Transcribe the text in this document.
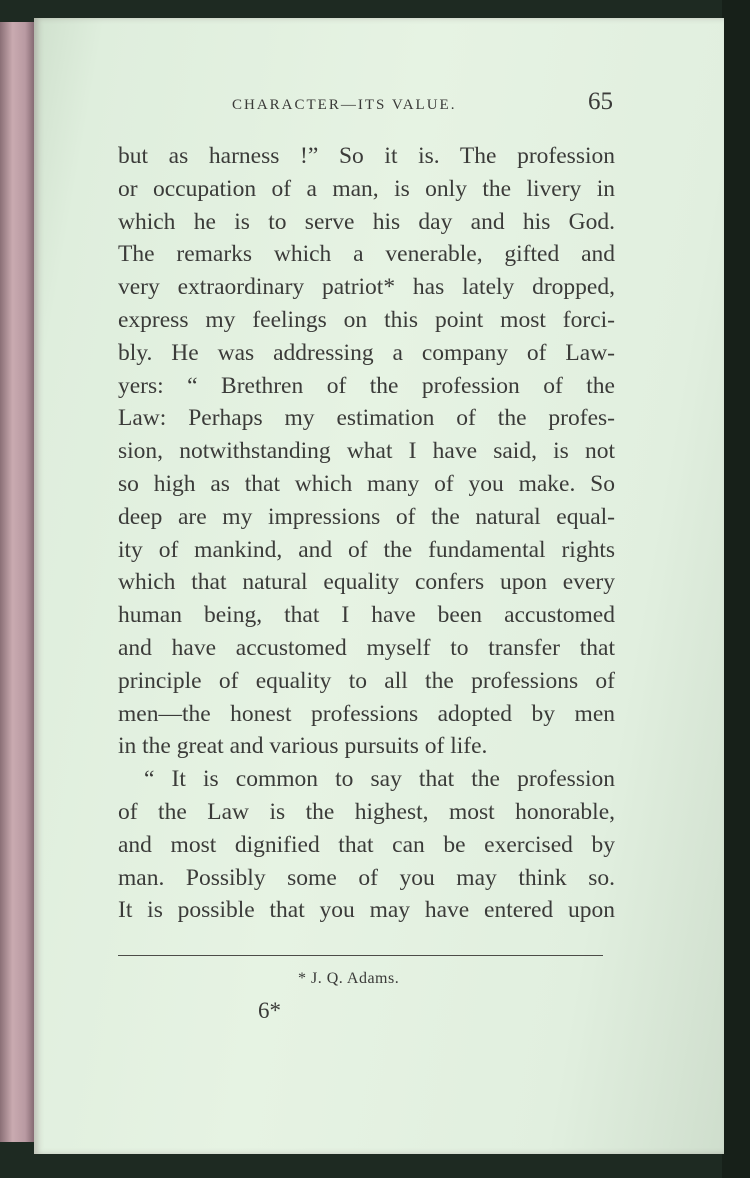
CHARACTER—ITS VALUE.	65
but as harness !” So it is. The profession
or occupation of a man, is only the livery in
which he is to serve his day and his God.
The remarks which a venerable, gifted and
very extraordinary patriot* has lately dropped,
express my feelings on this point most forci-
bly. He was addressing a company of Law-
yers: “ Brethren of the profession of the
Law: Perhaps my estimation of the profes-
sion, notwithstanding what I have said, is not
so high as that which many of you make. So
deep are my impressions of the natural equal-
ity of mankind, and of the fundamental rights
which that natural equality confers upon every
human being, that I have been accustomed
and have accustomed myself to transfer that
principle of equality to all the professions of
men—the honest professions adopted by men
in the great and various pursuits of life.
“ It is common to say that the profession
of the Law is the highest, most honorable,
and most dignified that can be exercised by
man. Possibly some of you may think so.
It is possible that you may have entered upon
* J. Q. Adams.
6*
